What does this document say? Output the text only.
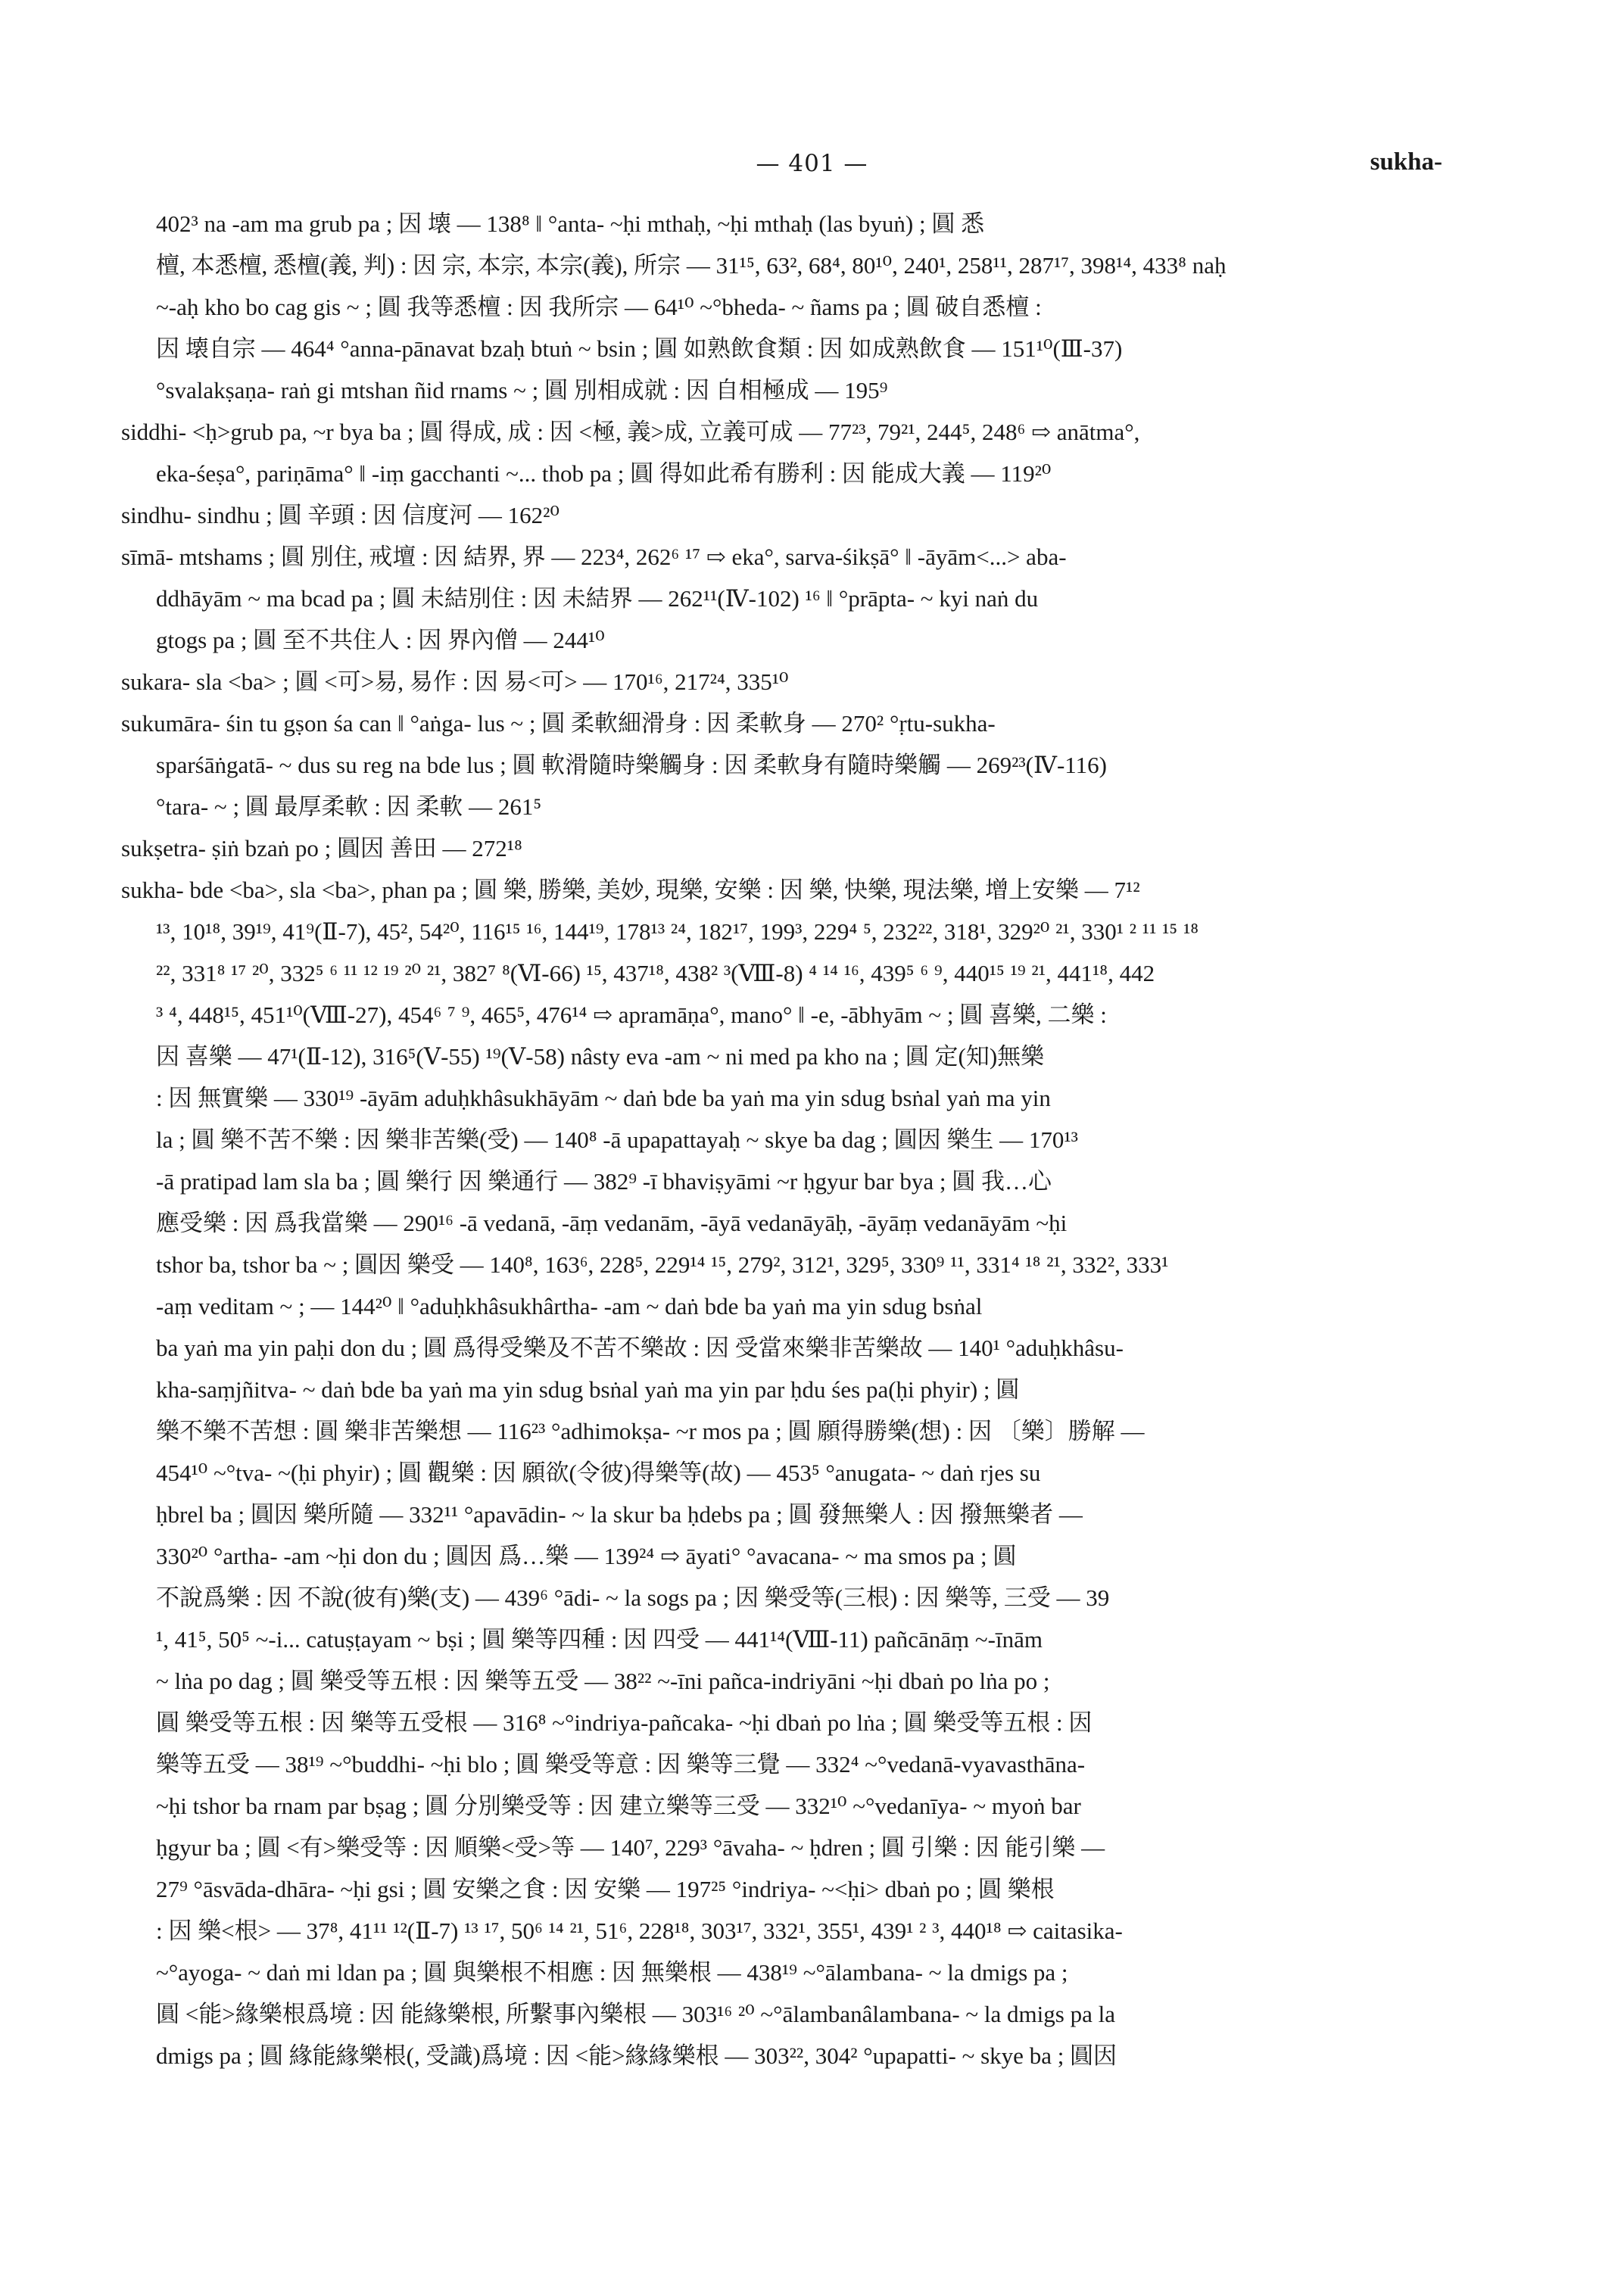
— 401 —	sukha-
402³ na -am ma grub pa ; 因 壊 — 138⁸ ‖ °anta- ~ḥi mthaḥ, ~ḥi mthaḥ (las byuṅ) ; 圓 悉
檀, 本悉檀, 悉檀(義, 判) : 因 宗, 本宗, 本宗(義), 所宗 — 31¹⁵, 63², 68⁴, 80¹⁰, 240¹, 258¹¹, 287¹⁷, 398¹⁴, 433⁸ naḥ
~-aḥ kho bo cag gis ~ ; 圓 我等悉檀 : 因 我所宗 — 64¹⁰ ~°bheda- ~ ñams pa ; 圓 破自悉檀 :
因 壊自宗 — 464⁴ °anna-pānavat bzaḥ btuṅ ~ bsin ; 圓 如熟飲食類 : 因 如成熟飲食 — 151¹⁰(Ⅲ-37)
°svalakṣaṇa- raṅ gi mtshan ñid rnams ~ ; 圓 別相成就 : 因 自相極成 — 195⁹
siddhi- <ḥ>grub pa, ~r bya ba ; 圓 得成, 成 : 因 <極, 義>成, 立義可成 — 77²³, 79²¹, 244⁵, 248⁶ ⇨ anātma°,
eka-śeṣa°, pariṇāma° ‖ -iṃ gacchanti ~... thob pa ; 圓 得如此希有勝利 : 因 能成大義 — 119²⁰
sindhu- sindhu ; 圓 辛頭 : 因 信度河 — 162²⁰
sīmā- mtshams ; 圓 別住, 戒壇 : 因 結界, 界 — 223⁴, 262⁶ ¹⁷ ⇨ eka°, sarva-śikṣā° ‖ -āyām<...> aba-
ddhāyām ~ ma bcad pa ; 圓 未結別住 : 因 未結界 — 262¹¹(Ⅳ-102) ¹⁶ ‖ °prāpta- ~ kyi naṅ du
gtogs pa ; 圓 至不共住人 : 因 界內僧 — 244¹⁰
sukara- sla <ba> ; 圓 <可>易, 易作 : 因 易<可> — 170¹⁶, 217²⁴, 335¹⁰
sukumāra- śin tu gṣon śa can ‖ °aṅga- lus ~ ; 圓 柔軟細滑身 : 因 柔軟身 — 270² °ṛtu-sukha-
sparśāṅgatā- ~ dus su reg na bde lus ; 圓 軟滑隨時樂觸身 : 因 柔軟身有隨時樂觸 — 269²³(Ⅳ-116)
°tara- ~ ; 圓 最厚柔軟 : 因 柔軟 — 261⁵
sukṣetra- ṣiṅ bzaṅ po ; 圓因 善田 — 272¹⁸
sukha- bde <ba>, sla <ba>, phan pa ; 圓 樂, 勝樂, 美妙, 現樂, 安樂 : 因 樂, 快樂, 現法樂, 增上安樂 — 7¹²
¹³, 10¹⁸, 39¹⁹, 41⁹(Ⅱ-7), 45², 54²⁰, 116¹⁵ ¹⁶, 144¹⁹, 178¹³ ²⁴, 182¹⁷, 199³, 229⁴ ⁵, 232²², 318¹, 329²⁰ ²¹, 330¹ ² ¹¹ ¹⁵ ¹⁸
²², 331⁸ ¹⁷ ²⁰, 332⁵ ⁶ ¹¹ ¹² ¹⁹ ²⁰ ²¹, 382⁷ ⁸(Ⅵ-66) ¹⁵, 437¹⁸, 438² ³(Ⅷ-8) ⁴ ¹⁴ ¹⁶, 439⁵ ⁶ ⁹, 440¹⁵ ¹⁹ ²¹, 441¹⁸, 442
³ ⁴, 448¹⁵, 451¹⁰(Ⅷ-27), 454⁶ ⁷ ⁹, 465⁵, 476¹⁴ ⇨ apramāṇa°, mano° ‖ -e, -ābhyām ~ ; 圓 喜樂, 二樂 :
因 喜樂 — 47¹(Ⅱ-12), 316⁵(Ⅴ-55) ¹⁹(Ⅴ-58) nâsty eva -am ~ ni med pa kho na ; 圓 定(知)無樂
: 因 無實樂 — 330¹⁹ -āyām aduḥkhâsukhāyām ~ daṅ bde ba yaṅ ma yin sdug bsṅal yaṅ ma yin
la ; 圓 樂不苦不樂 : 因 樂非苦樂(受) — 140⁸ -ā upapattayaḥ ~ skye ba dag ; 圓因 樂生 — 170¹³
-ā pratipad lam sla ba ; 圓 樂行 因 樂通行 — 382⁹ -ī bhaviṣyāmi ~r ḥgyur bar bya ; 圓 我…心
應受樂 : 因 爲我當樂 — 290¹⁶ -ā vedanā, -āṃ vedanām, -āyā vedanāyāḥ, -āyāṃ vedanāyām ~ḥi
tshor ba, tshor ba ~ ; 圓因 樂受 — 140⁸, 163⁶, 228⁵, 229¹⁴ ¹⁵, 279², 312¹, 329⁵, 330⁹ ¹¹, 331⁴ ¹⁸ ²¹, 332², 333¹
-aṃ veditam ~ ; — 144²⁰ ‖ °aduḥkhâsukhârtha- -am ~ daṅ bde ba yaṅ ma yin sdug bsṅal
ba yaṅ ma yin paḥi don du ; 圓 爲得受樂及不苦不樂故 : 因 受當來樂非苦樂故 — 140¹ °aduḥkhâsu-
kha-saṃjñitva- ~ daṅ bde ba yaṅ ma yin sdug bsṅal yaṅ ma yin par ḥdu śes pa(ḥi phyir) ; 圓
樂不樂不苦想 : 圓 樂非苦樂想 — 116²³ °adhimokṣa- ~r mos pa ; 圓 願得勝樂(想) : 因 〔樂〕勝解 —
454¹⁰ ~°tva- ~(ḥi phyir) ; 圓 觀樂 : 因 願欲(令彼)得樂等(故) — 453⁵ °anugata- ~ daṅ rjes su
ḥbrel ba ; 圓因 樂所隨 — 332¹¹ °apavādin- ~ la skur ba ḥdebs pa ; 圓 發無樂人 : 因 撥無樂者 —
330²⁰ °artha- -am ~ḥi don du ; 圓因 爲…樂 — 139²⁴ ⇨ āyati° °avacana- ~ ma smos pa ; 圓
不說爲樂 : 因 不說(彼有)樂(支) — 439⁶ °ādi- ~ la sogs pa ; 因 樂受等(三根) : 因 樂等, 三受 — 39
¹, 41⁵, 50⁵ ~-i... catuṣṭayam ~ bṣi ; 圓 樂等四種 : 因 四受 — 441¹⁴(Ⅷ-11) pañcānāṃ ~-īnām
~ lṅa po dag ; 圓 樂受等五根 : 因 樂等五受 — 38²² ~-īni pañca-indriyāni ~ḥi dbaṅ po lṅa po ;
圓 樂受等五根 : 因 樂等五受根 — 316⁸ ~°indriya-pañcaka- ~ḥi dbaṅ po lṅa ; 圓 樂受等五根 : 因
樂等五受 — 38¹⁹ ~°buddhi- ~ḥi blo ; 圓 樂受等意 : 因 樂等三覺 — 332⁴ ~°vedanā-vyavasthāna-
~ḥi tshor ba rnam par bṣag ; 圓 分別樂受等 : 因 建立樂等三受 — 332¹⁰ ~°vedanīya- ~ myoṅ bar
ḥgyur ba ; 圓 <有>樂受等 : 因 順樂<受>等 — 140⁷, 229³ °āvaha- ~ ḥdren ; 圓 引樂 : 因 能引樂 —
27⁹ °āsvāda-dhāra- ~ḥi gsi ; 圓 安樂之食 : 因 安樂 — 197²⁵ °indriya- ~<ḥi> dbaṅ po ; 圓 樂根
: 因 樂<根> — 37⁸, 41¹¹ ¹²(Ⅱ-7) ¹³ ¹⁷, 50⁶ ¹⁴ ²¹, 51⁶, 228¹⁸, 303¹⁷, 332¹, 355¹, 439¹ ² ³, 440¹⁸ ⇨ caitasika-
~°ayoga- ~ daṅ mi ldan pa ; 圓 與樂根不相應 : 因 無樂根 — 438¹⁹ ~°ālambana- ~ la dmigs pa ;
圓 <能>緣樂根爲境 : 因 能緣樂根, 所繫事內樂根 — 303¹⁶ ²⁰ ~°ālambanâlambana- ~ la dmigs pa la
dmigs pa ; 圓 緣能緣樂根(, 受識)爲境 : 因 <能>緣緣樂根 — 303²², 304² °upapatti- ~ skye ba ; 圓因
